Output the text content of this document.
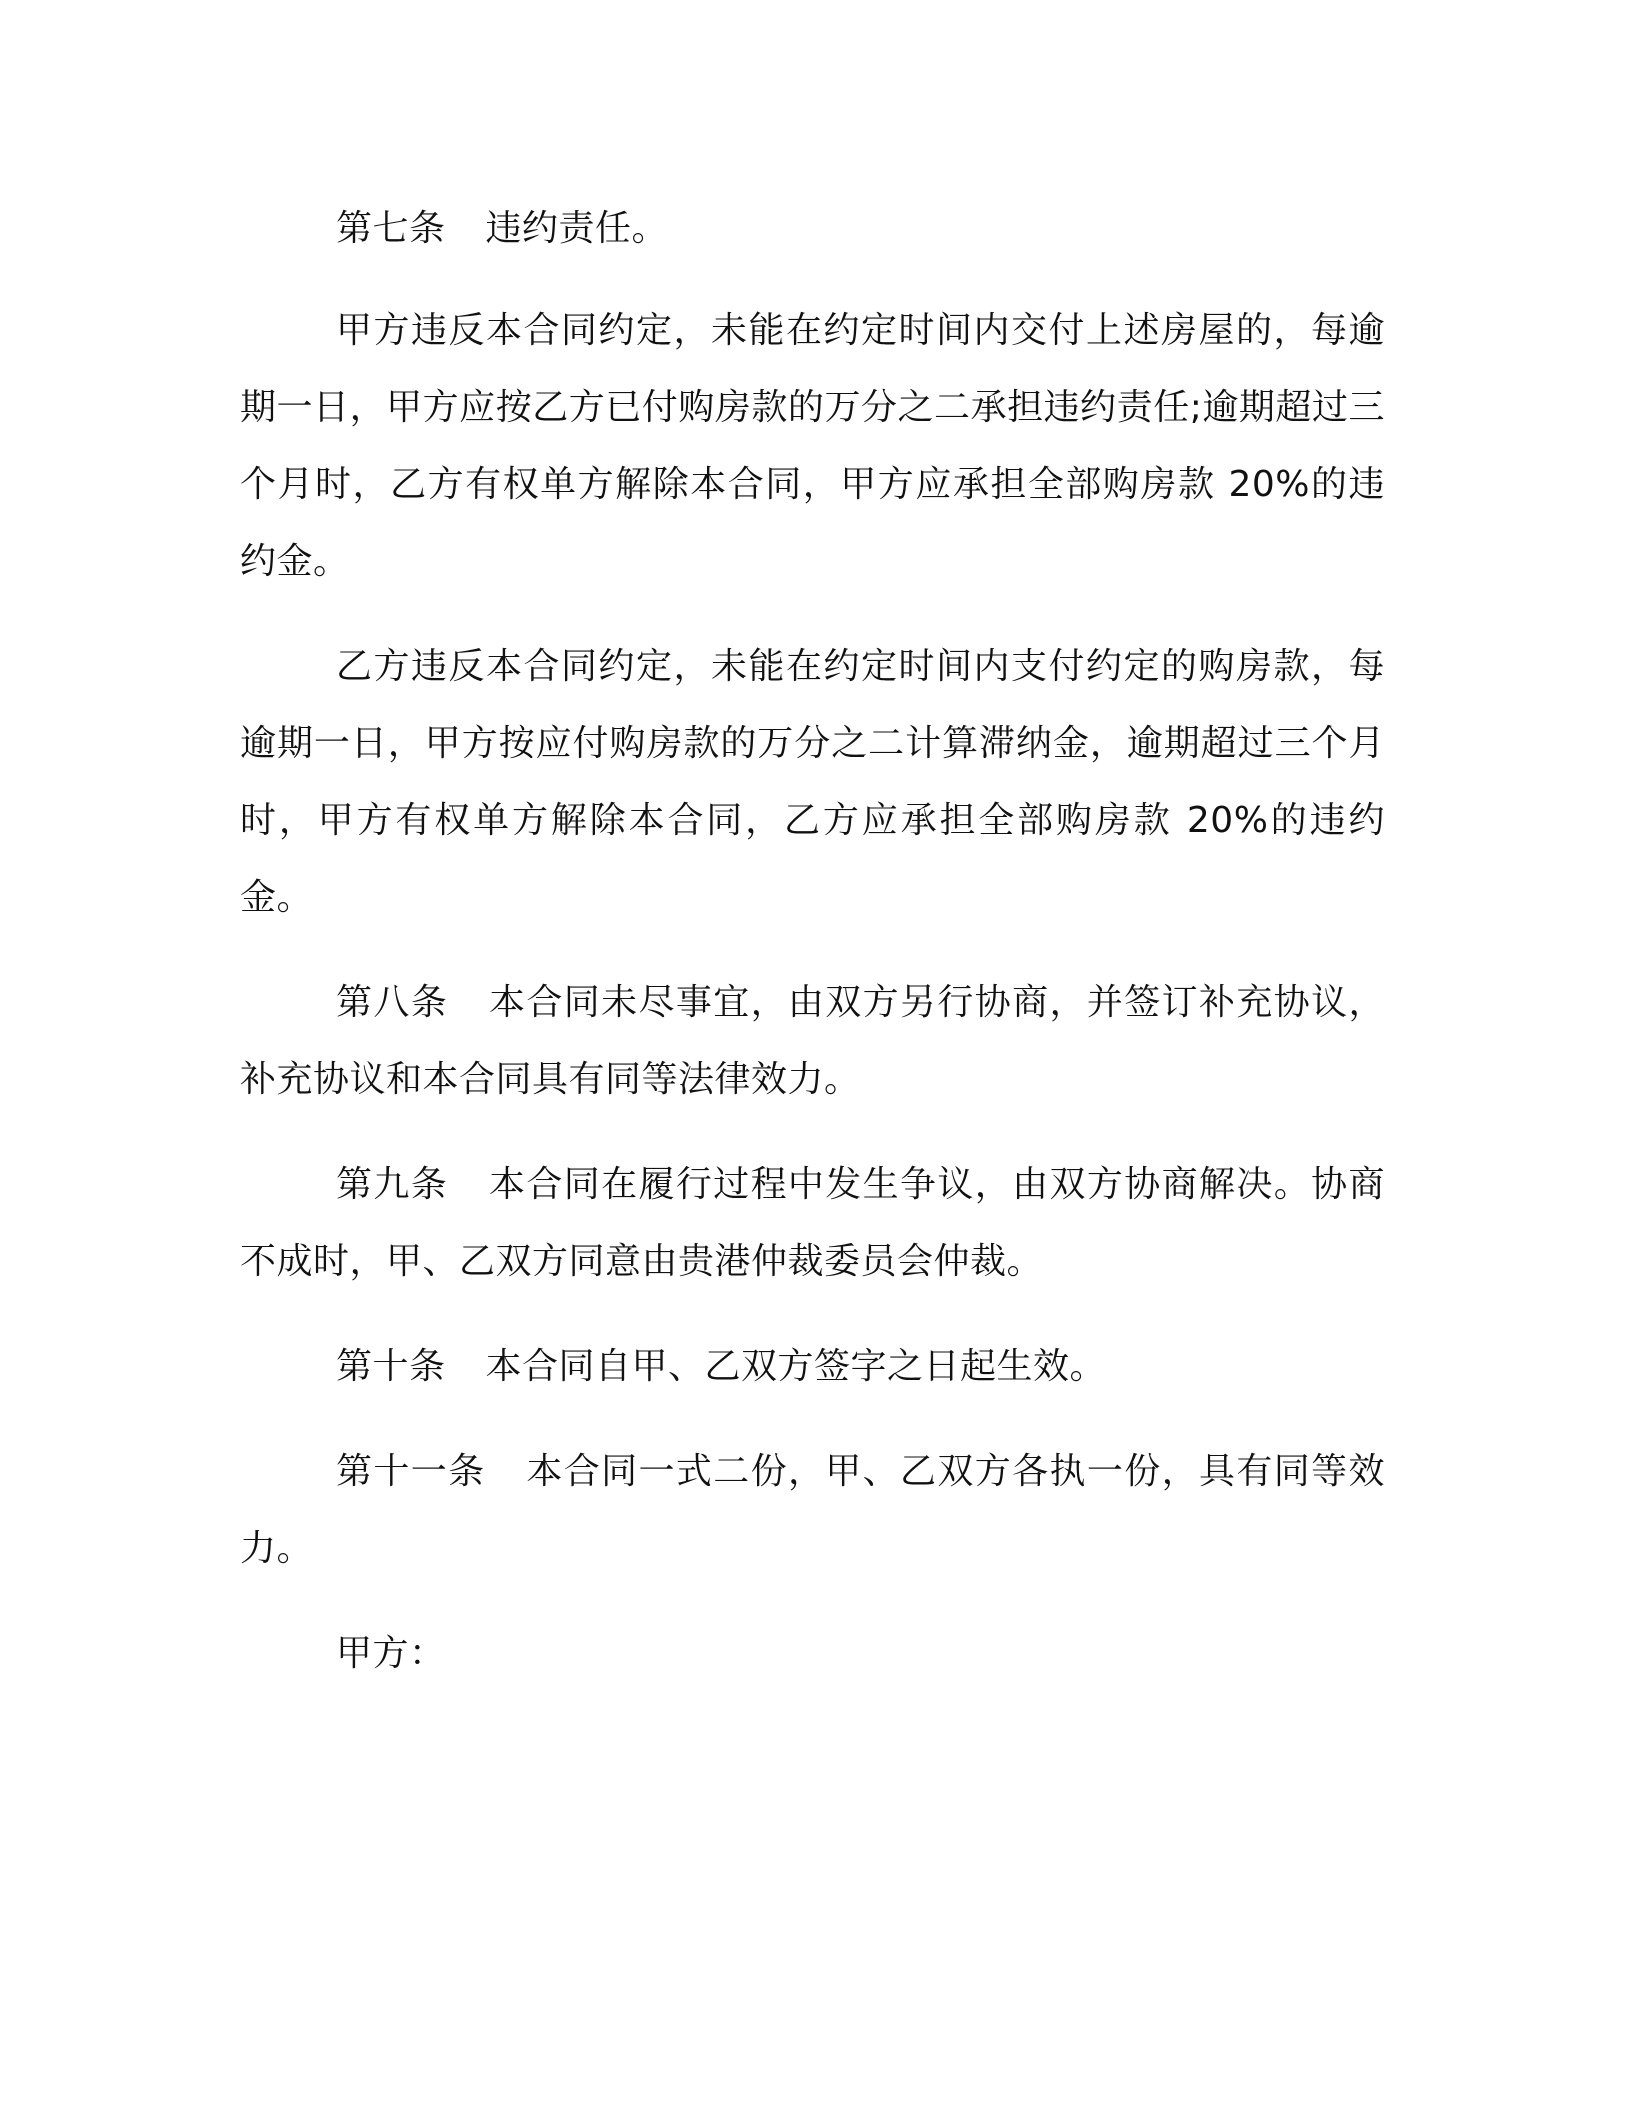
第七条 违约责任。

甲方违反本合同约定，未能在约定时间内交付上述房屋的，每逾期一日，甲方应按乙方已付购房款的万分之二承担违约责任;逾期超过三个月时，乙方有权单方解除本合同，甲方应承担全部购房款 20%的违约金。

乙方违反本合同约定，未能在约定时间内支付约定的购房款，每逾期一日，甲方按应付购房款的万分之二计算滞纳金，逾期超过三个月时，甲方有权单方解除本合同，乙方应承担全部购房款 20%的违约金。

第八条 本合同未尽事宜，由双方另行协商，并签订补充协议，补充协议和本合同具有同等法律效力。

第九条 本合同在履行过程中发生争议，由双方协商解决。协商不成时，甲、乙双方同意由贵港仲裁委员会仲裁。

第十条 本合同自甲、乙双方签字之日起生效。

第十一条 本合同一式二份，甲、乙双方各执一份，具有同等效力。

甲方：
